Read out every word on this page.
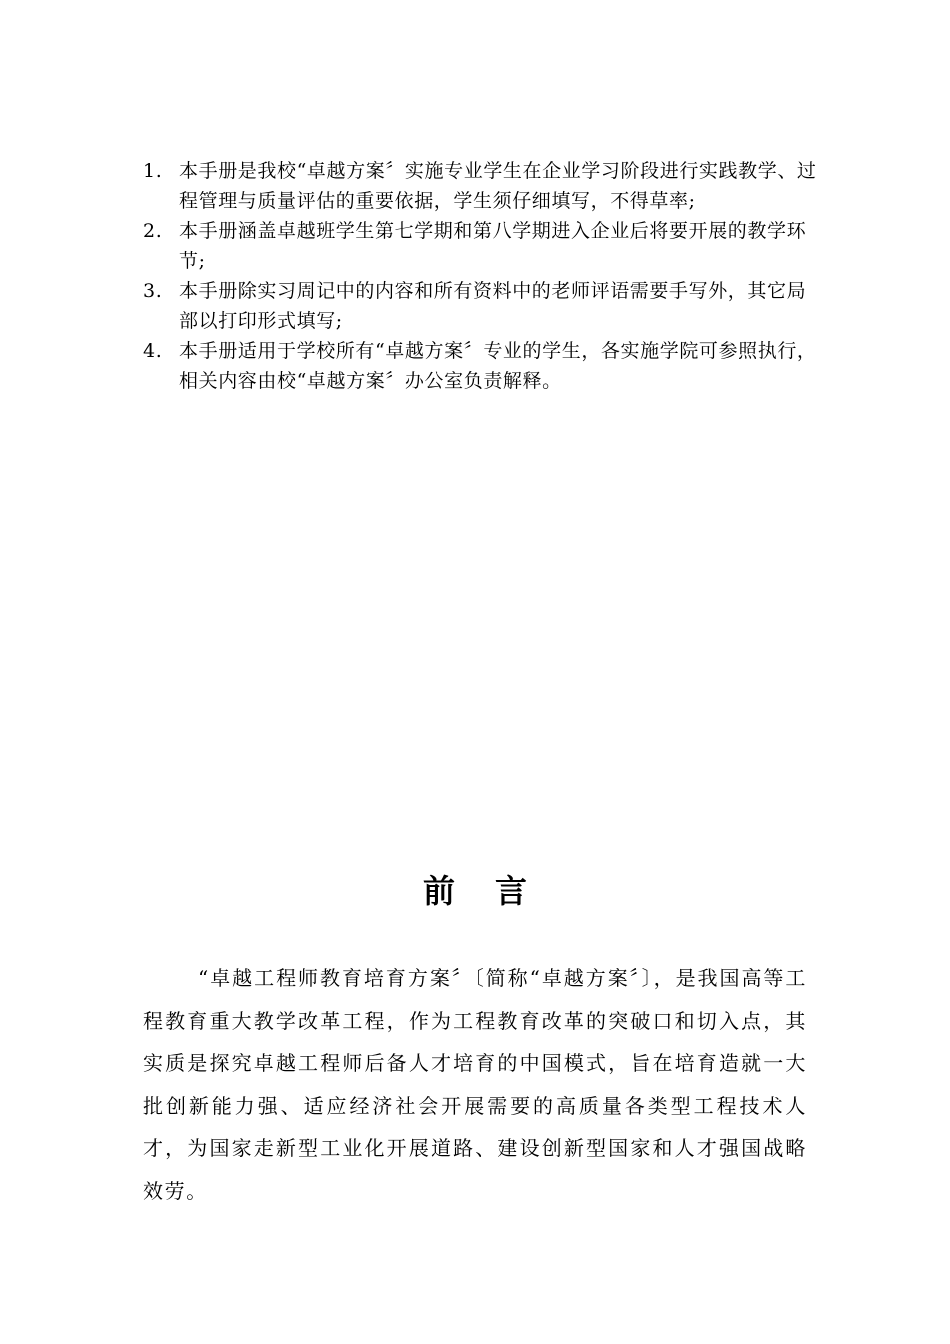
1. 本手册是我校“卓越方案〞实施专业学生在企业学习阶段进行实践教学、过程管理与质量评估的重要依据，学生须仔细填写，不得草率;
2. 本手册涵盖卓越班学生第七学期和第八学期进入企业后将要开展的教学环节;
3. 本手册除实习周记中的内容和所有资料中的老师评语需要手写外，其它局部以打印形式填写;
4. 本手册适用于学校所有“卓越方案〞专业的学生，各实施学院可参照执行，相关内容由校“卓越方案〞办公室负责解释。
前言

“卓越工程师教育培育方案〞〔简称“卓越方案〞〕，是我国高等工程教育重大教学改革工程，作为工程教育改革的突破口和切入点，其实质是探究卓越工程师后备人才培育的中国模式，旨在培育造就一大批创新能力强、适应经济社会开展需要的高质量各类型工程技术人才，为国家走新型工业化开展道路、建设创新型国家和人才强国战略效劳。
